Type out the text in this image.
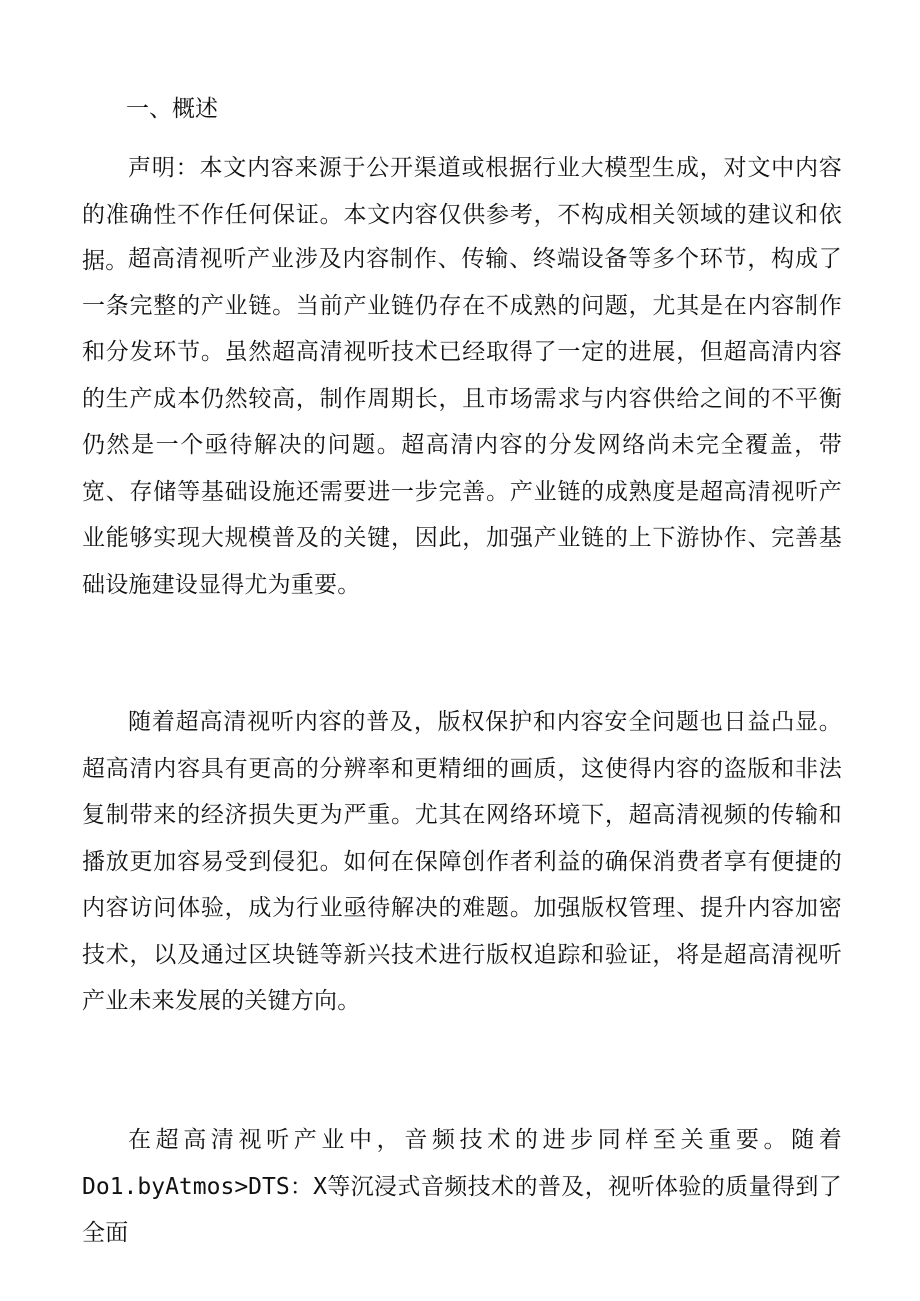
一、概述

声明：本文内容来源于公开渠道或根据行业大模型生成，对文中内容的准确性不作任何保证。本文内容仅供参考，不构成相关领域的建议和依据。 超高清视听产业涉及内容制作、传输、终端设备等多个环节，构成了一条完整的产业链。当前产业链仍存在不成熟的问题，尤其是在内容制作和分发环节。虽然超高清视听技术已经取得了一定的进展，但超高清内容的生产成本仍然较高，制作周期长，且市场需求与内容供给之间的不平衡仍然是一个亟待解决的问题。超高清内容的分发网络尚未完全覆盖，带宽、存储等基础设施还需要进一步完善。产业链的成熟度是超高清视听产业能够实现大规模普及的关键，因此，加强产业链的上下游协作、完善基础设施建设显得尤为重要。

随着超高清视听内容的普及，版权保护和内容安全问题也日益凸显。超高清内容具有更高的分辨率和更精细的画质，这使得内容的盗版和非法复制带来的经济损失更为严重。尤其在网络环境下，超高清视频的传输和播放更加容易受到侵犯。如何在保障创作者利益的确保消费者享有便捷的内容访问体验，成为行业亟待解决的难题。加强版权管理、提升内容加密技术，以及通过区块链等新兴技术进行版权追踪和验证，将是超高清视听产业未来发展的关键方向。

在超高清视听产业中，音频技术的进步同样至关重要。随着Do1.byAtmos>DTS：X等沉浸式音频技术的普及，视听体验的质量得到了全面
